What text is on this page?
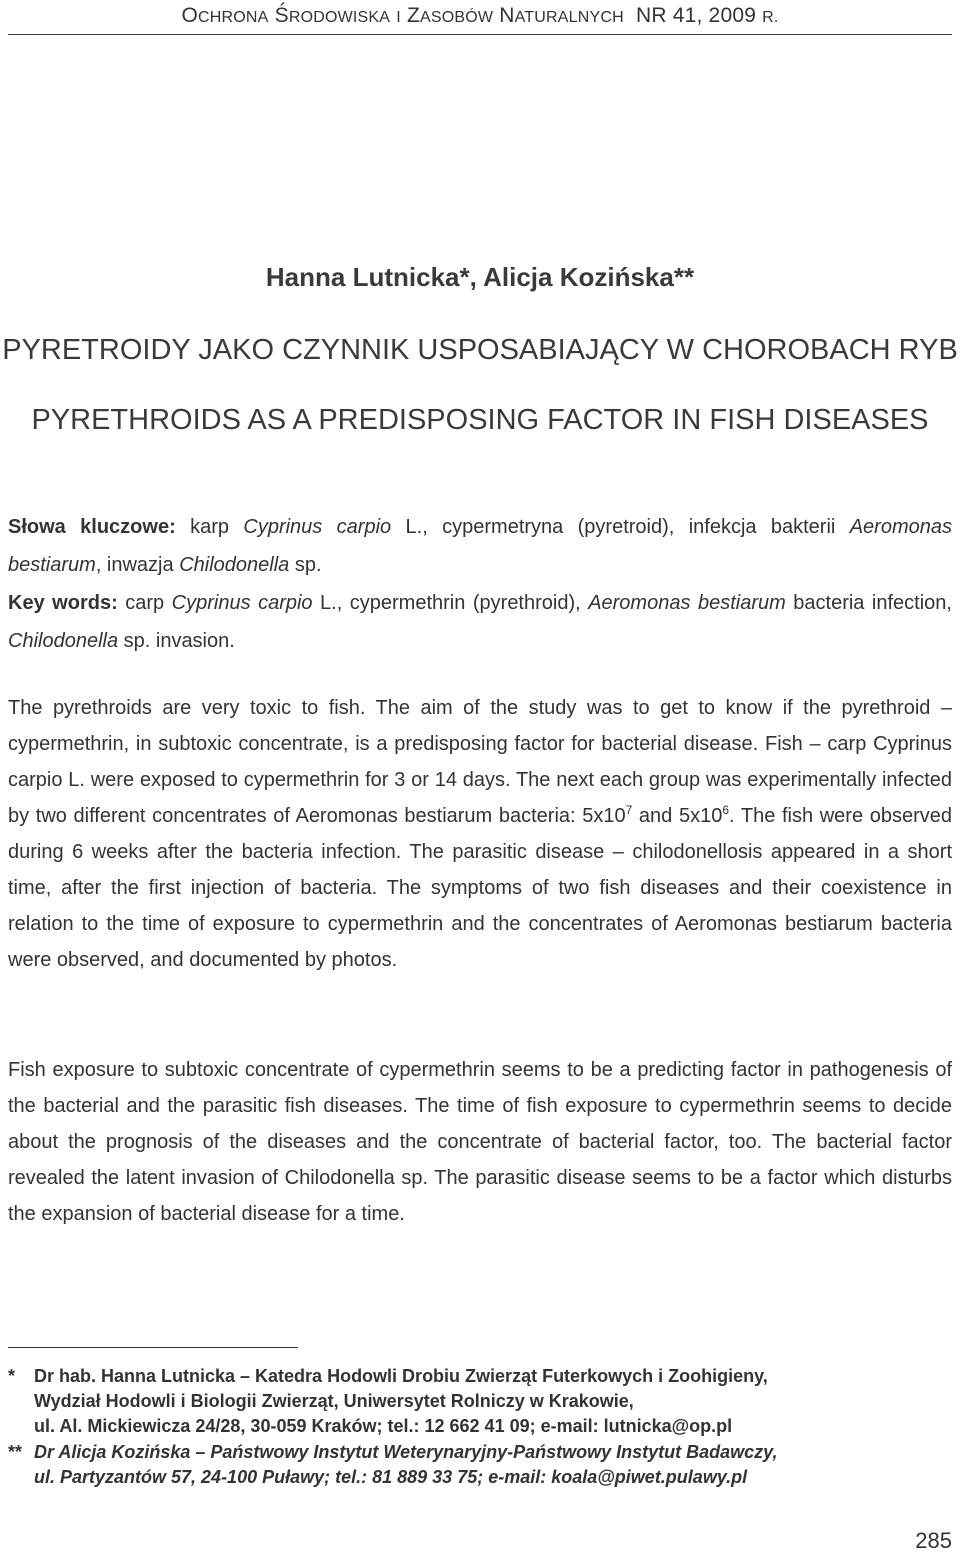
OCHRONA ŚRODOWISKA I ZASOBÓW NATURALNYCH NR 41, 2009 R.
Hanna Lutnicka*, Alicja Kozińska**
PYRETROIDY JAKO CZYNNIK USPOSABIAJĄCY W CHOROBACH RYB
PYRETHROIDS AS A PREDISPOSING FACTOR IN FISH DISEASES
Słowa kluczowe: karp Cyprinus carpio L., cypermetryna (pyretroid), infekcja bakterii Aeromonas bestiarum, inwazja Chilodonella sp.
Key words: carp Cyprinus carpio L., cypermethrin (pyrethroid), Aeromonas bestiarum bacteria infection, Chilodonella sp. invasion.
The pyrethroids are very toxic to fish. The aim of the study was to get to know if the pyrethroid – cypermethrin, in subtoxic concentrate, is a predisposing factor for bacterial disease. Fish – carp Cyprinus carpio L. were exposed to cypermethrin for 3 or 14 days. The next each group was experimentally infected by two different concentrates of Aeromonas bestiarum bacteria: $5x10^7$ and $5x10^6$. The fish were observed during 6 weeks after the bacteria infection. The parasitic disease – chilodonellosis appeared in a short time, after the first injection of bacteria. The symptoms of two fish diseases and their coexistence in relation to the time of exposure to cypermethrin and the concentrates of Aeromonas bestiarum bacteria were observed, and documented by photos.
Fish exposure to subtoxic concentrate of cypermethrin seems to be a predicting factor in pathogenesis of the bacterial and the parasitic fish diseases. The time of fish exposure to cypermethrin seems to decide about the prognosis of the diseases and the concentrate of bacterial factor, too. The bacterial factor revealed the latent invasion of Chilodonella sp. The parasitic disease seems to be a factor which disturbs the expansion of bacterial disease for a time.
*	Dr hab. Hanna Lutnicka – Katedra Hodowli Drobiu Zwierząt Futerkowych i Zoohigieny,
Wydział Hodowli i Biologii Zwierząt, Uniwersytet Rolniczy w Krakowie,
ul. Al. Mickiewicza 24/28, 30-059 Kraków; tel.: 12 662 41 09; e-mail: lutnicka@op.pl
** Dr Alicja Kozińska – Państwowy Instytut Weterynaryjny-Państwowy Instytut Badawczy,
ul. Partyzantów 57, 24-100 Puławy; tel.: 81 889 33 75; e-mail: koala@piwet.pulawy.pl
285
